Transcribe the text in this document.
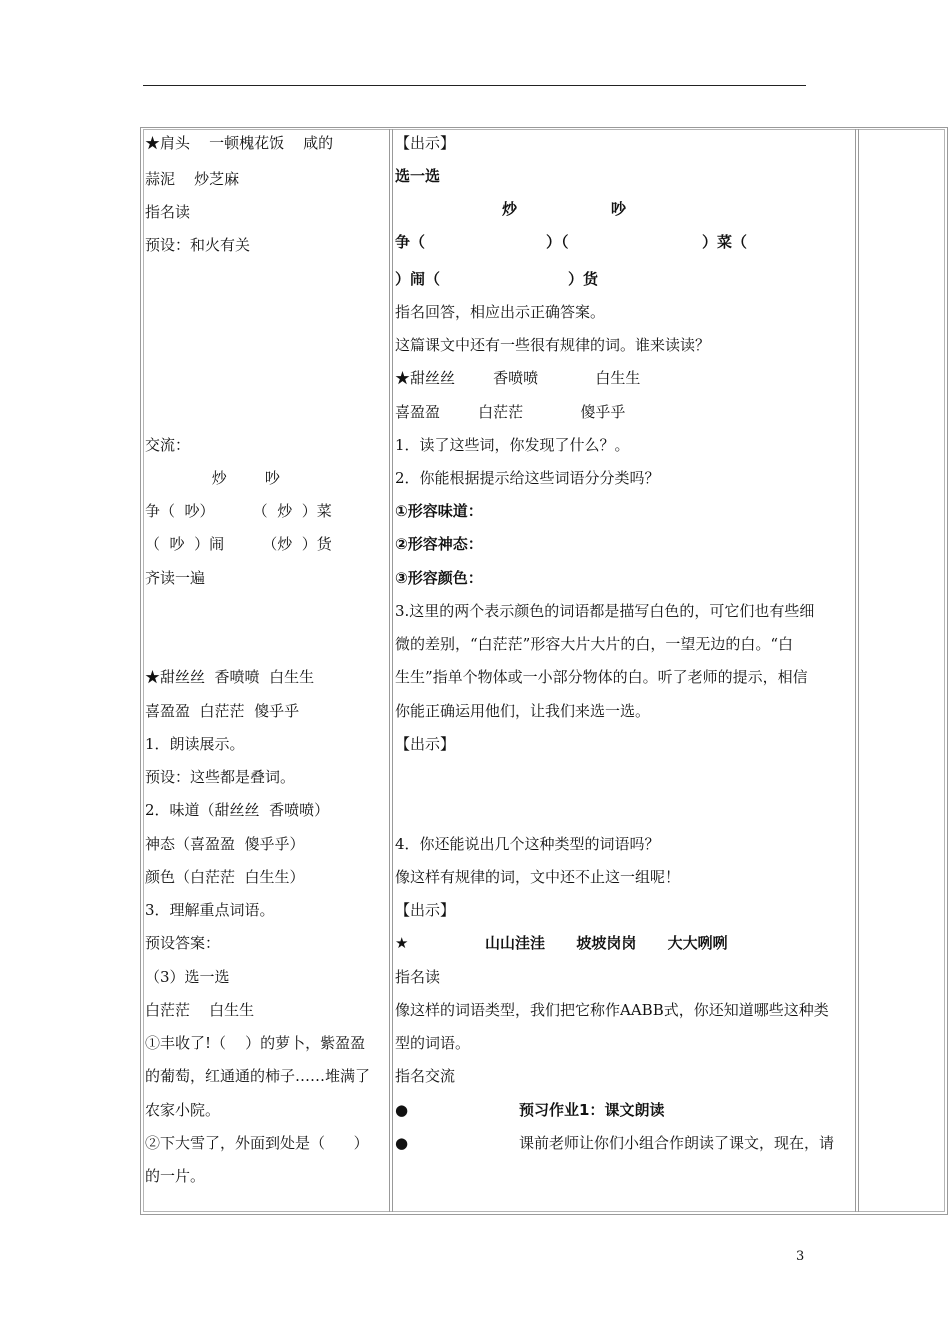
★肩头    一顿槐花饭    咸的
蒜泥    炒芝麻
指名读
预设：和火有关
交流：
炒        吵
争（  吵）        （  炒  ）菜
（  吵  ）闹        （炒  ）货
齐读一遍
★甜丝丝  香喷喷  白生生
喜盈盈  白茫茫  傻乎乎
1．朗读展示。
预设：这些都是叠词。
2．味道（甜丝丝  香喷喷）
神态（喜盈盈  傻乎乎）
颜色（白茫茫  白生生）
3．理解重点词语。
预设答案：
（3）选一选
白茫茫    白生生
①丰收了!（    ）的萝卜，紫盈盈
的葡萄，红通通的柿子……堆满了
农家小院。
②下大雪了，外面到处是（      ）
的一片。
【出示】
选一选
炒	吵
争（	）（	）菜（
）闹（	）货
指名回答，相应出示正确答案。
这篇课文中还有一些很有规律的词。谁来读读？
★甜丝丝        香喷喷            白生生
喜盈盈        白茫茫            傻乎乎
1．读了这些词，你发现了什么？。
2．你能根据提示给这些词语分分类吗？
①形容味道：
②形容神态：
③形容颜色：
3.这里的两个表示颜色的词语都是描写白色的，可它们也有些细
微的差别，“白茫茫”形容大片大片的白，一望无边的白。“白
生生”指单个物体或一小部分物体的白。听了老师的提示，相信
你能正确运用他们，让我们来选一选。
【出示】
4．你还能说出几个这种类型的词语吗？
像这样有规律的词，文中还不止这一组呢！
【出示】
★	山山洼洼      坡坡岗岗      大大咧咧
指名读
像这样的词语类型，我们把它称作AABB式，你还知道哪些这种类
型的词语。
指名交流
●	预习作业1：课文朗读
●	课前老师让你们小组合作朗读了课文，现在，请
3
